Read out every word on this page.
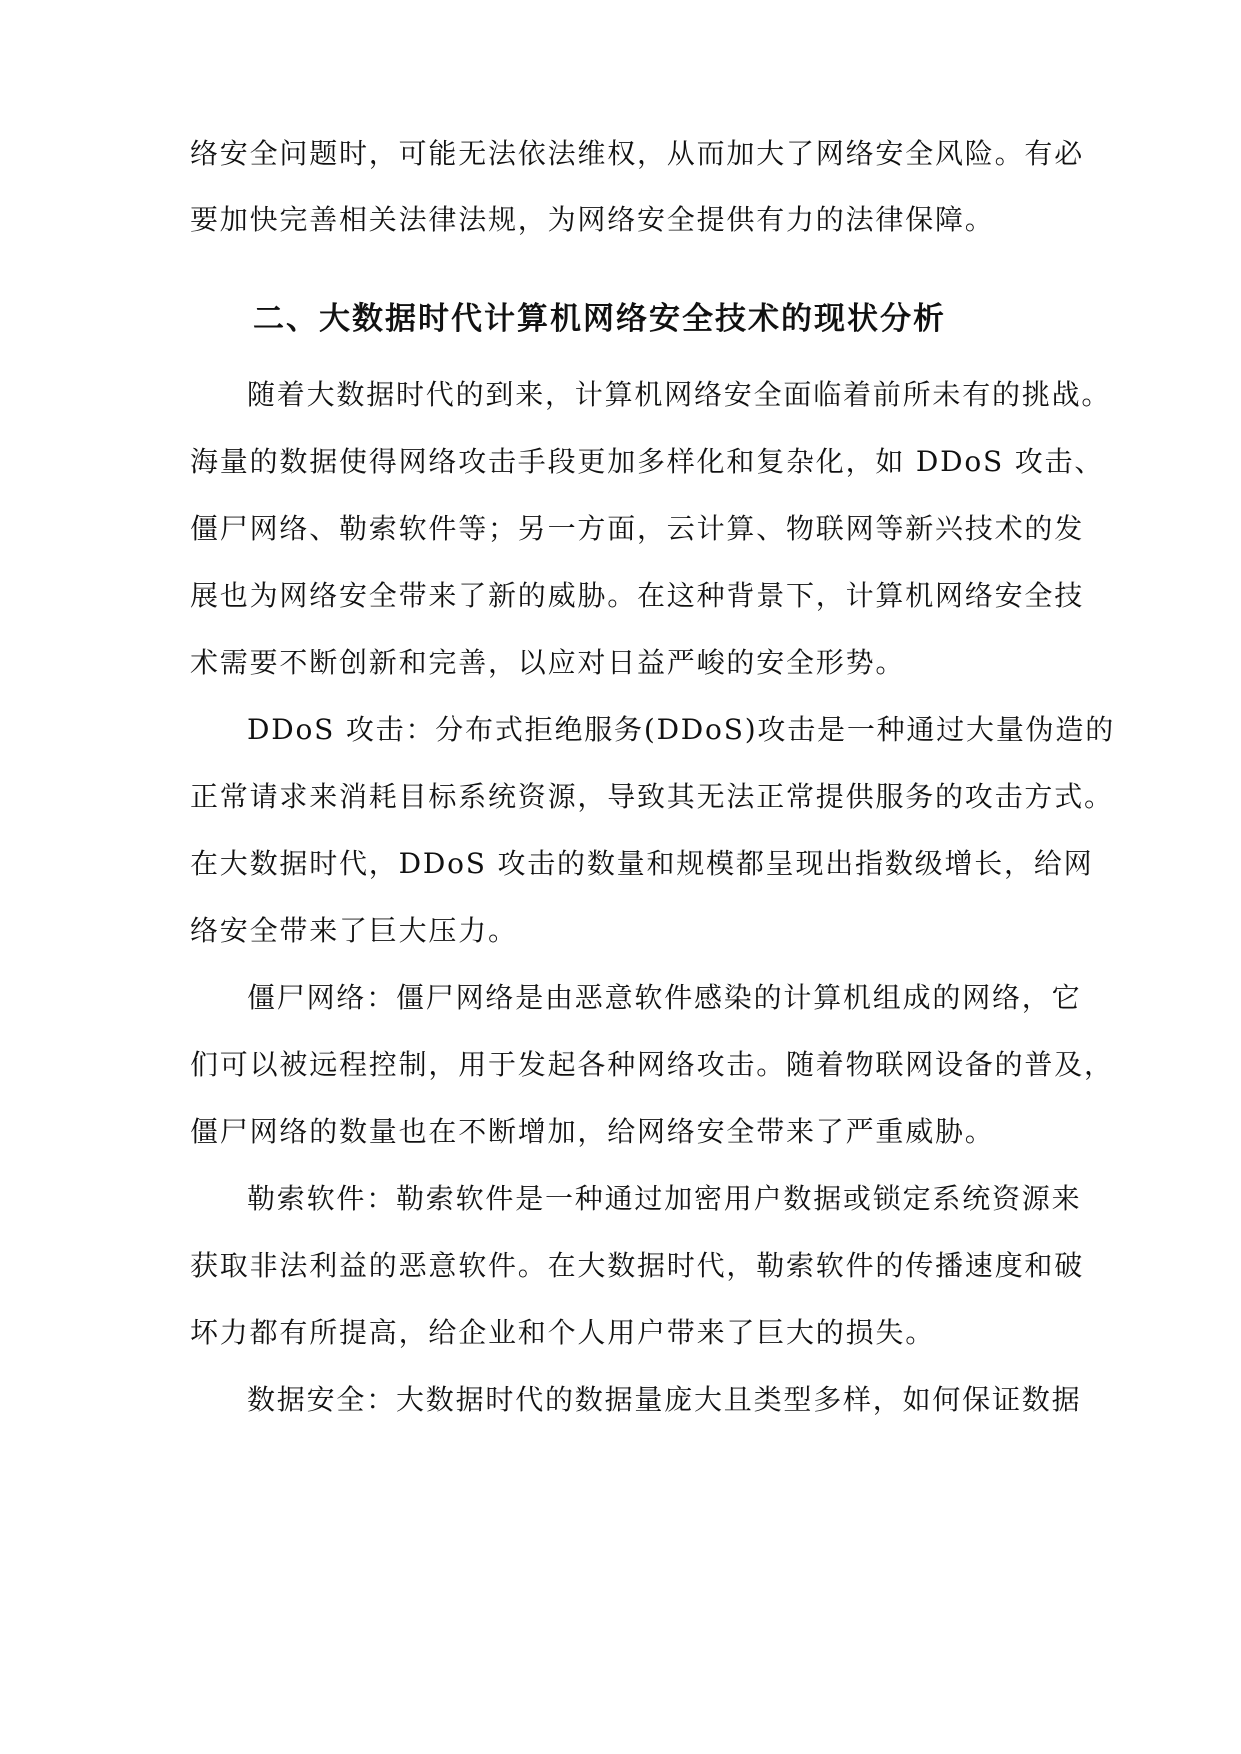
络安全问题时，可能无法依法维权，从而加大了网络安全风险。有必
要加快完善相关法律法规，为网络安全提供有力的法律保障。
二、大数据时代计算机网络安全技术的现状分析
随着大数据时代的到来，计算机网络安全面临着前所未有的挑战。
海量的数据使得网络攻击手段更加多样化和复杂化，如 DDoS 攻击、
僵尸网络、勒索软件等；另一方面，云计算、物联网等新兴技术的发
展也为网络安全带来了新的威胁。在这种背景下，计算机网络安全技
术需要不断创新和完善，以应对日益严峻的安全形势。
DDoS 攻击：分布式拒绝服务(DDoS)攻击是一种通过大量伪造的
正常请求来消耗目标系统资源，导致其无法正常提供服务的攻击方式。
在大数据时代，DDoS 攻击的数量和规模都呈现出指数级增长，给网
络安全带来了巨大压力。
僵尸网络：僵尸网络是由恶意软件感染的计算机组成的网络，它
们可以被远程控制，用于发起各种网络攻击。随着物联网设备的普及，
僵尸网络的数量也在不断增加，给网络安全带来了严重威胁。
勒索软件：勒索软件是一种通过加密用户数据或锁定系统资源来
获取非法利益的恶意软件。在大数据时代，勒索软件的传播速度和破
坏力都有所提高，给企业和个人用户带来了巨大的损失。
数据安全：大数据时代的数据量庞大且类型多样，如何保证数据
